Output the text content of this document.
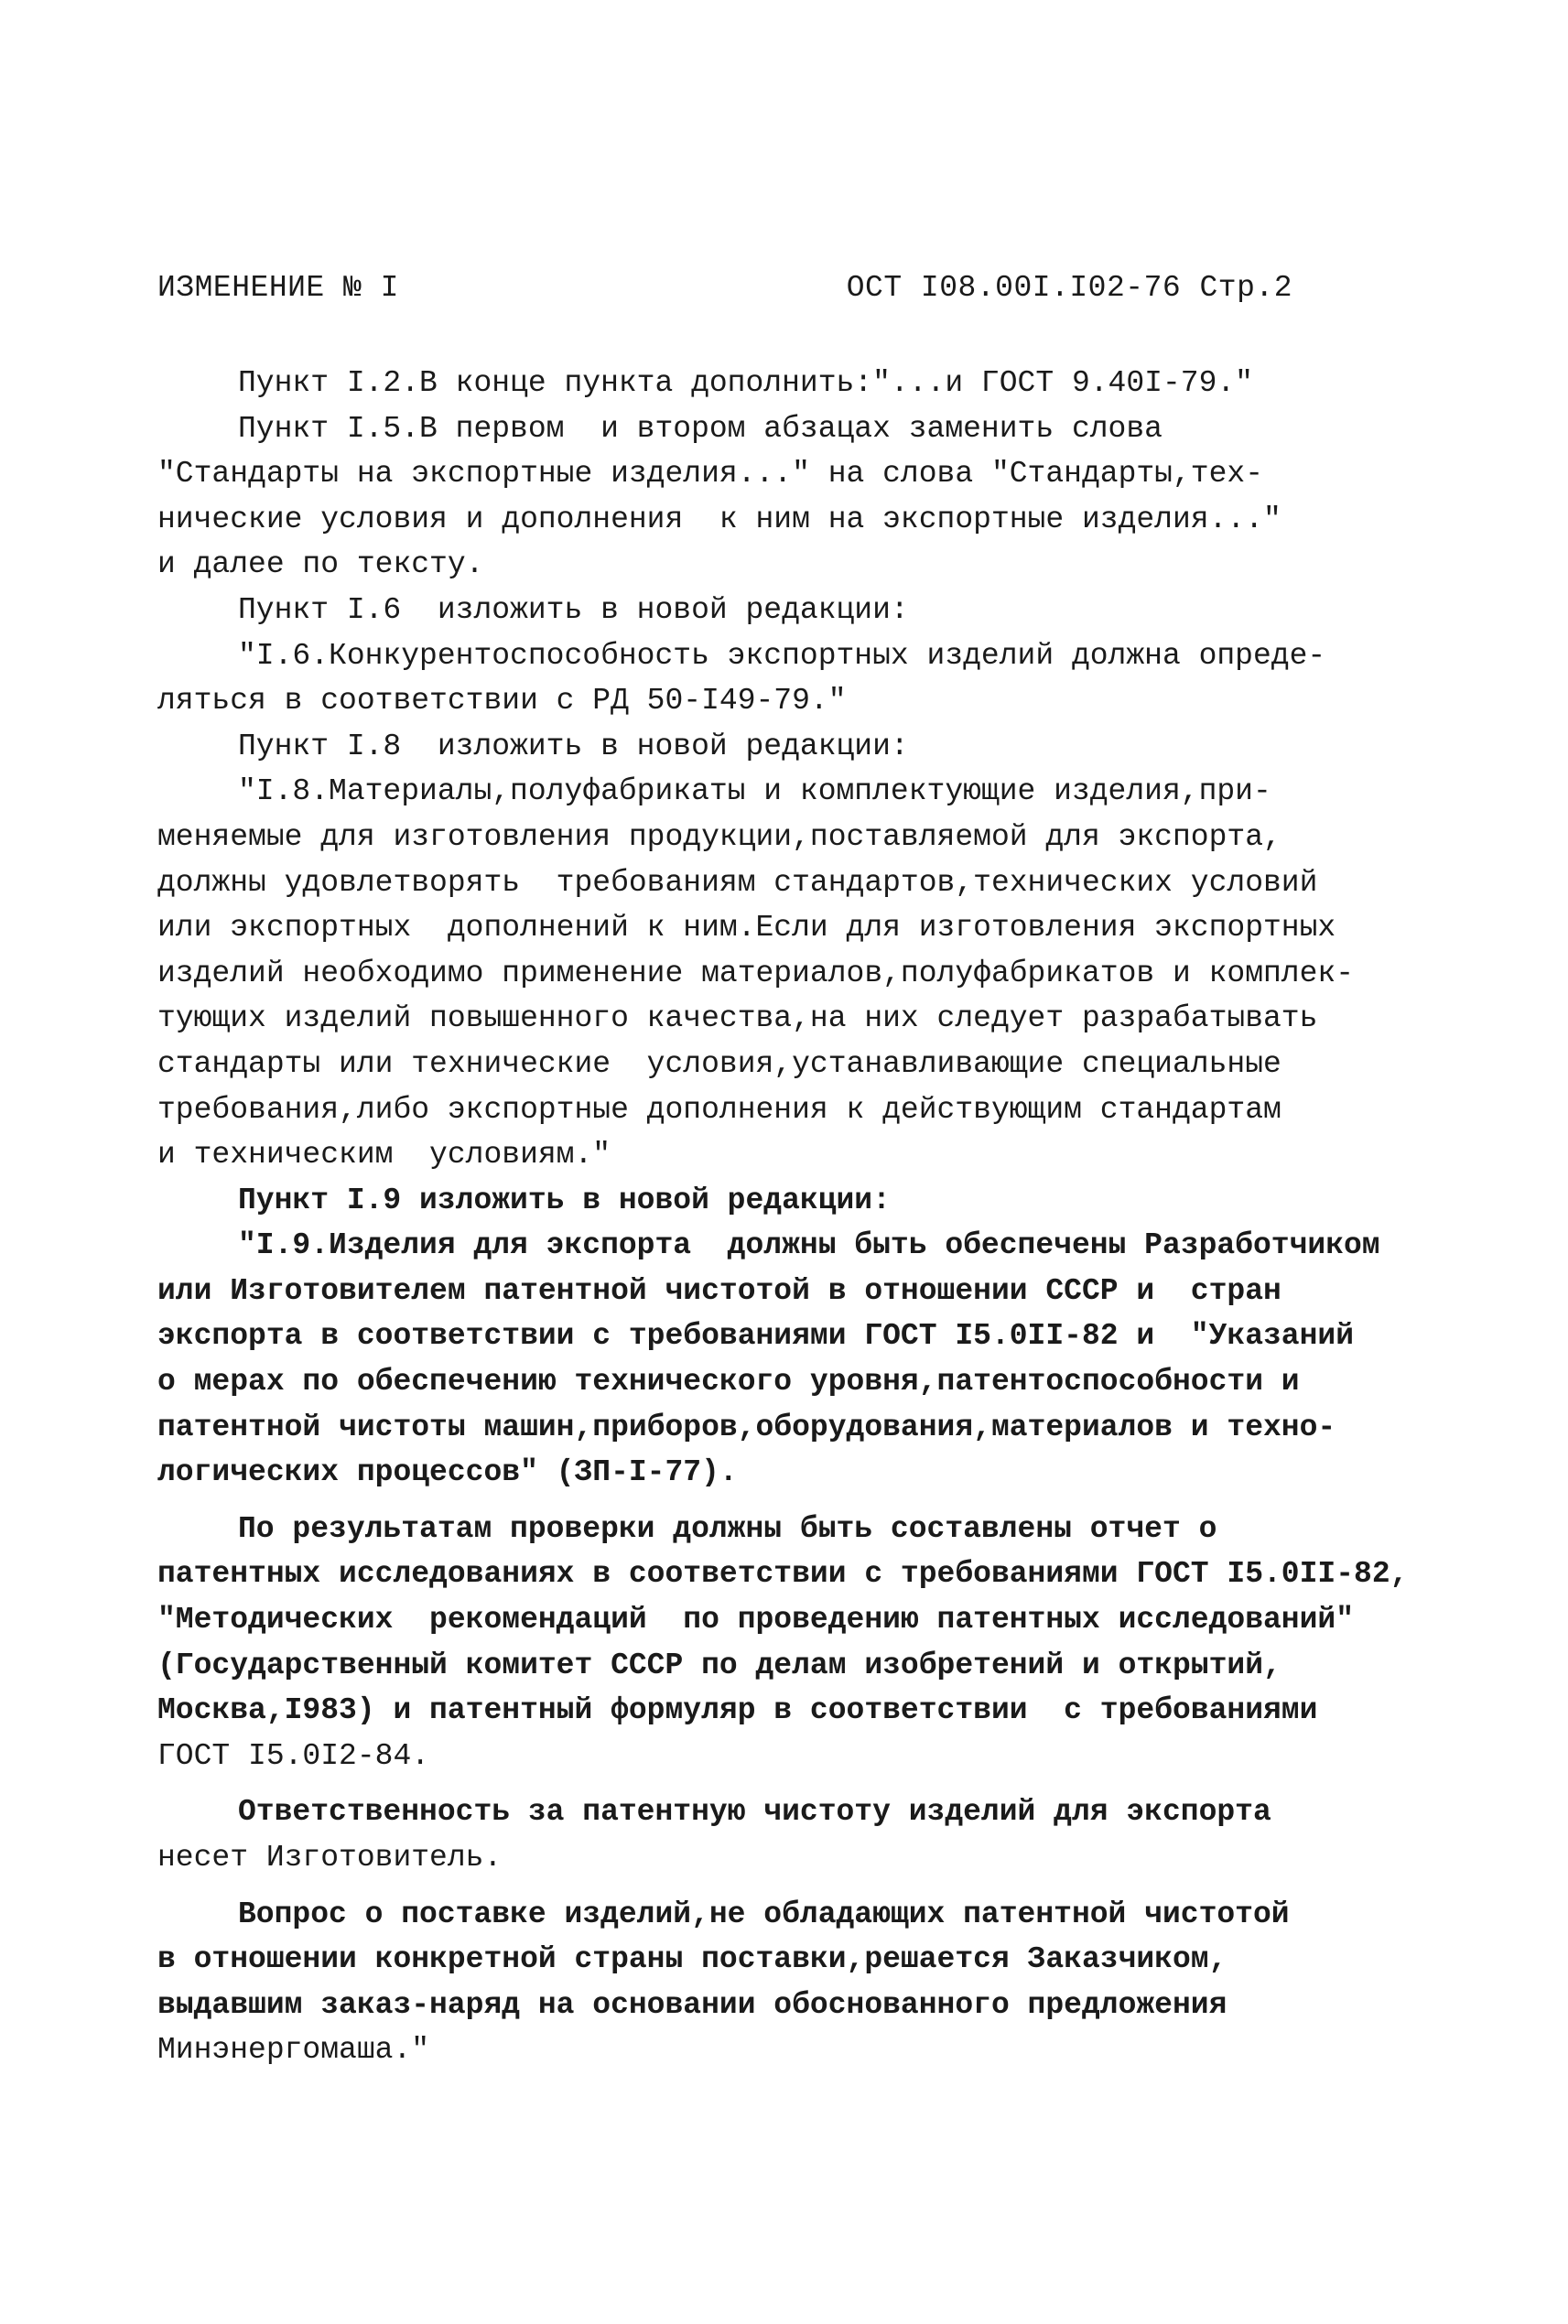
ИЗМЕНЕНИЕ № I	ОСТ I08.00I.I02-76 Стр.2
Пункт I.2.В конце пункта дополнить:"...и ГОСТ 9.40I-79."
Пункт I.5.В первом  и втором абзацах заменить слова
"Стандарты на экспортные изделия..." на слова "Стандарты,тех-
нические условия и дополнения  к ним на экспортные изделия..."
и далее по тексту.
Пункт I.6  изложить в новой редакции:
"I.6.Конкурентоспособность экспортных изделий должна опреде-
ляться в соответствии с РД 50-I49-79."
Пункт I.8  изложить в новой редакции:
"I.8.Материалы,полуфабрикаты и комплектующие изделия,при-
меняемые для изготовления продукции,поставляемой для экспорта,
должны удовлетворять  требованиям стандартов,технических условий
или экспортных  дополнений к ним.Если для изготовления экспортных
изделий необходимо применение материалов,полуфабрикатов и комплек-
тующих изделий повышенного качества,на них следует разрабатывать
стандарты или технические  условия,устанавливающие специальные
требования,либо экспортные дополнения к действующим стандартам
и техническим  условиям."
Пункт I.9 изложить в новой редакции:
"I.9.Изделия для экспорта  должны быть обеспечены Разработчиком
или Изготовителем патентной чистотой в отношении СССР и  стран
экспорта в соответствии с требованиями ГОСТ I5.0II-82 и  "Указаний
о мерах по обеспечению технического уровня,патентоспособности и
патентной чистоты машин,приборов,оборудования,материалов и техно-
логических процессов" (ЗП-I-77).
По результатам проверки должны быть составлены отчет о
патентных исследованиях в соответствии с требованиями ГОСТ I5.0II-82,
"Методических  рекомендаций  по проведению патентных исследований"
(Государственный комитет СССР по делам изобретений и открытий,
Москва,I983) и патентный формуляр в соответствии  с требованиями
ГОСТ I5.0I2-84.
Ответственность за патентную чистоту изделий для экспорта
несет Изготовитель.
Вопрос о поставке изделий,не обладающих патентной чистотой
в отношении конкретной страны поставки,решается Заказчиком,
выдавшим заказ-наряд на основании обоснованного предложения
Минэнергомаша."
